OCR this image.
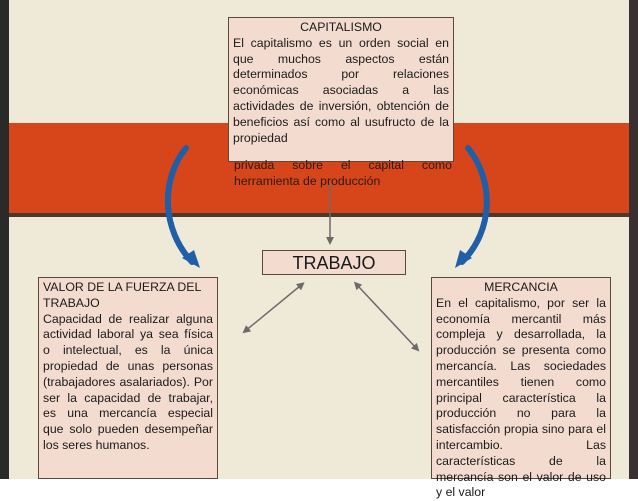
CAPITALISMO
El capitalismo es un orden social en que muchos aspectos están determinados por relaciones económicas asociadas a las actividades de inversión, obtención de beneficios así como al usufructo de la propiedad
privada sobre el capital como herramienta de producción
TRABAJO
VALOR DE LA FUERZA DEL TRABAJO
Capacidad de realizar alguna actividad laboral ya sea física o intelectual, es la única propiedad de unas personas (trabajadores asalariados). Por ser la capacidad de trabajar, es una mercancía especial que solo pueden desempeñar los seres humanos.
MERCANCIA
En el capitalismo, por ser la economía mercantil más compleja y desarrollada, la producción se presenta como mercancía. Las sociedades mercantiles tienen como principal característica la producción no para la satisfacción propia sino para el intercambio. Las características de la mercancía son el valor de uso y el valor
